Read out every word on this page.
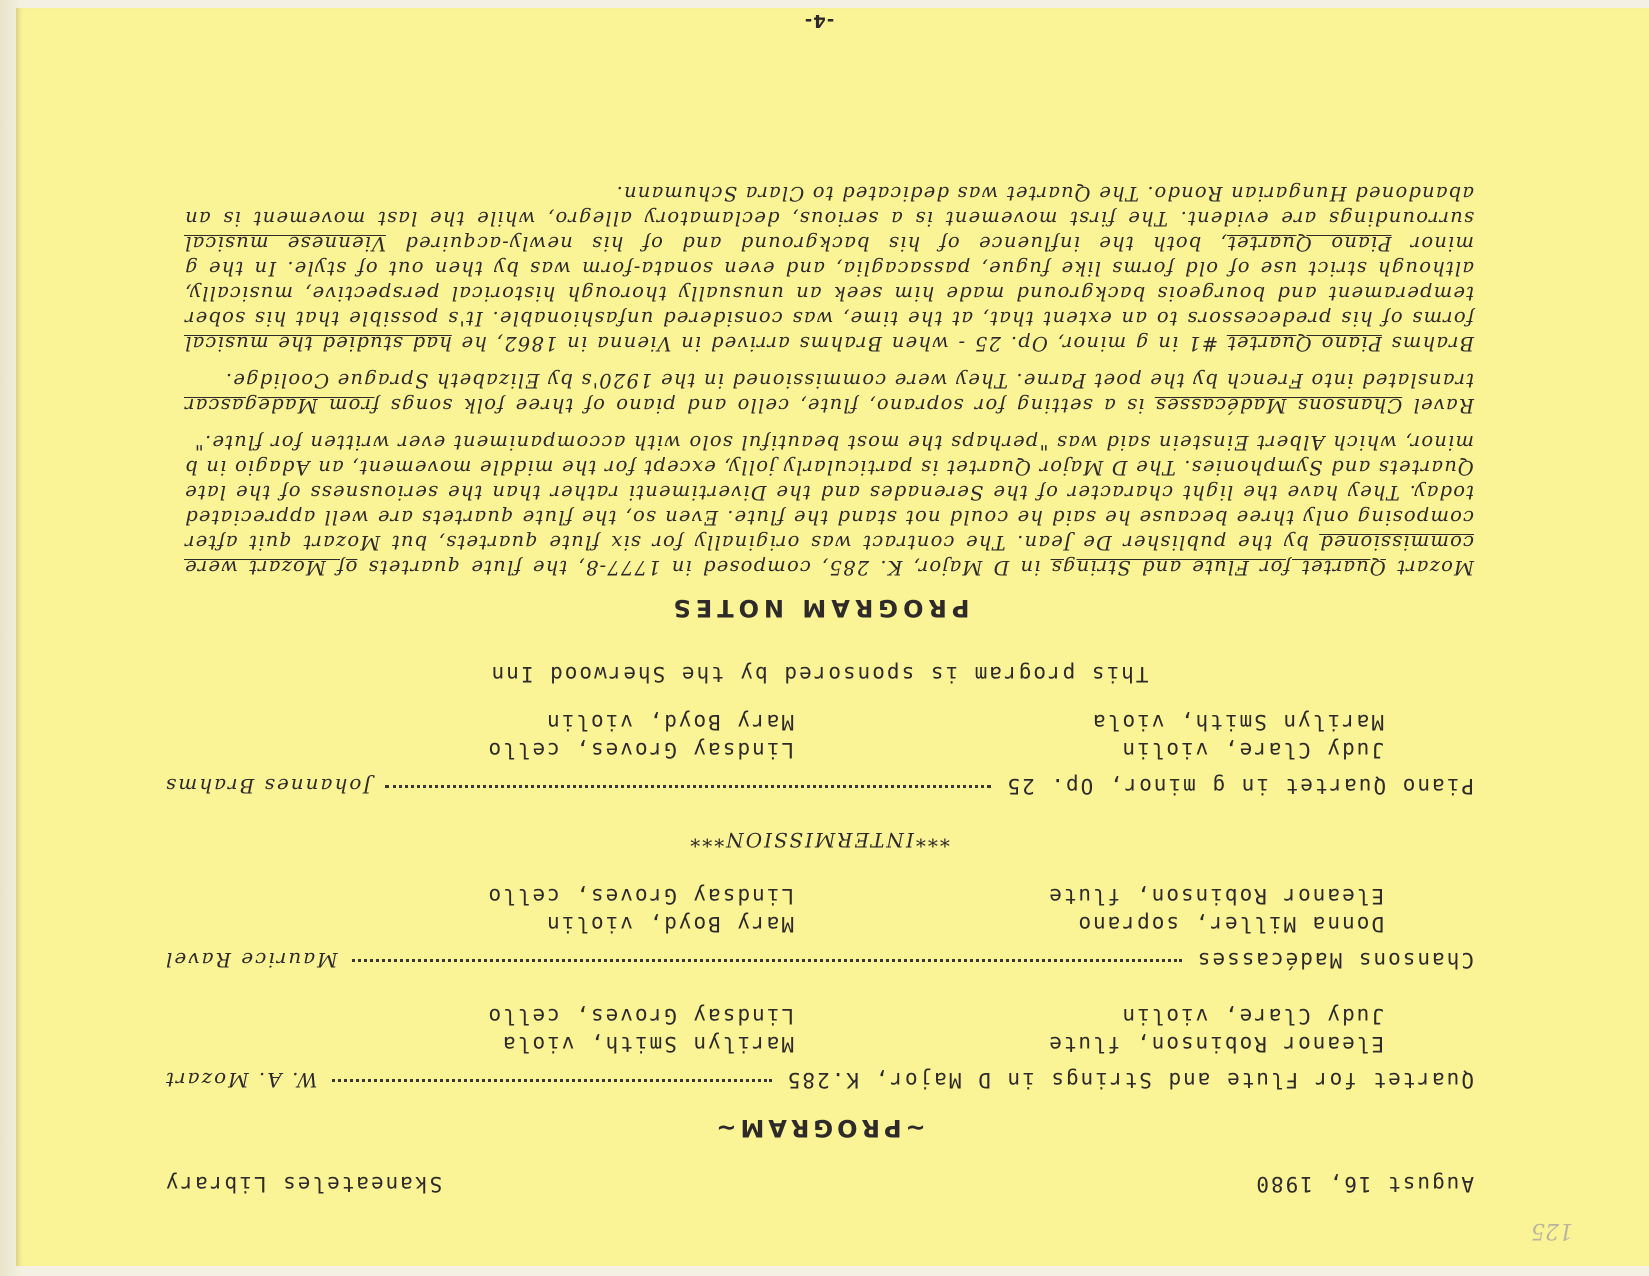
August 16, 1980
Skaneateles Library
~PROGRAM~
Quartet for Flute and Strings in D Major, K.285
W. A. Mozart
Eleanor Robinson, flute
Marilyn Smith, viola
Judy Clare, violin
Lindsay Groves, cello
Chansons Madécasses
Maurice Ravel
Donna Miller, soprano
Mary Boyd, violin
Eleanor Robinson, flute
Lindsay Groves, cello
***INTERMISSION***
Piano Quartet in g minor, Op. 25
Johannes Brahms
Judy Clare, violin
Lindsay Groves, cello
Marilyn Smith, viola
Mary Boyd, violin
This program is sponsored by the Sherwood Inn
PROGRAM NOTES

Mozart Quartet for Flute and Strings in D Major, K. 285, composed in 1777-8, the flute quartets of Mozart were commissioned by the publisher De Jean. The contract was originally for six flute quartets, but Mozart quit after composing only three because he said he could not stand the flute. Even so, the flute quartets are well appreciated today. They have the light character of the Serenades and the Divertimenti rather than the seriousness of the late Quartets and Symphonies. The D Major Quartet is particularly jolly, except for the middle movement, an Adagio in b minor, which Albert Einstein said was "perhaps the most beautiful solo with accompaniment ever written for flute."

Ravel Chansons Madécasses is a setting for soprano, flute, cello and piano of three folk songs from Madegascar translated into French by the poet Parne. They were commissioned in the 1920's by Elizabeth Sprague Coolidge.

Brahms Piano Quartet #1 in g minor, Op. 25 - when Brahms arrived in Vienna in 1862, he had studied the musical forms of his predecessors to an extent that, at the time, was considered unfashionable. It's possible that his sober temperament and bourgeois background made him seek an unusually thorough historical perspective, musically, although strict use of old forms like fugue, passacaglia, and even sonata-form was by then out of style. In the g minor Piano Quartet, both the influence of his background and of his newly-acquired Viennese musical surroundings are evident. The first movement is a serious, declamatory allegro, while the last movement is an abandoned Hungarian Rondo. The Quartet was dedicated to Clara Schumann.

-4-
125
